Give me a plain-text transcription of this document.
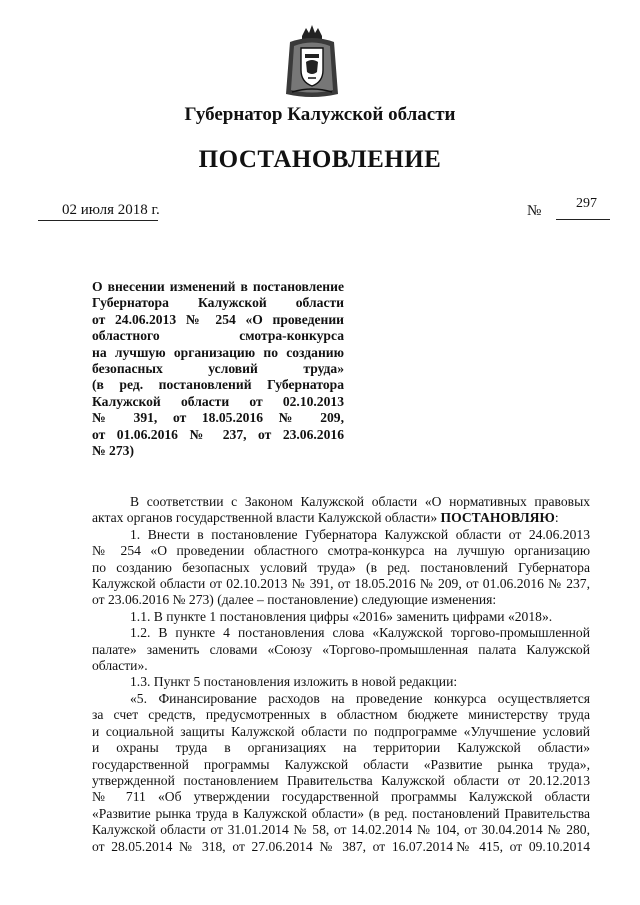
Губернатор Калужской области
ПОСТАНОВЛЕНИЕ
02 июля 2018 г.	№ 297
О внесении изменений в постановление
Губернатора Калужской области
от 24.06.2013 № 254 «О проведении
областного смотра-конкурса
на лучшую организацию по созданию
безопасных условий труда»
(в ред. постановлений Губернатора
Калужской области от 02.10.2013
№ 391, от 18.05.2016 № 209,
от 01.06.2016 № 237, от 23.06.2016
№ 273)
В соответствии с Законом Калужской области «О нормативных правовых
актах органов государственной власти Калужской области» ПОСТАНОВЛЯЮ:
1. Внести в постановление Губернатора Калужской области от 24.06.2013
№ 254 «О проведении областного смотра-конкурса на лучшую организацию
по созданию безопасных условий труда» (в ред. постановлений Губернатора
Калужской области от 02.10.2013 № 391, от 18.05.2016 № 209, от 01.06.2016 № 237,
от 23.06.2016 № 273) (далее – постановление) следующие изменения:
1.1. В пункте 1 постановления цифры «2016» заменить цифрами «2018».
1.2. В пункте 4 постановления слова «Калужской торгово-промышленной
палате» заменить словами «Союзу «Торгово-промышленная палата Калужской
области».
1.3. Пункт 5 постановления изложить в новой редакции:
«5. Финансирование расходов на проведение конкурса осуществляется
за счет средств, предусмотренных в областном бюджете министерству труда
и социальной защиты Калужской области по подпрограмме «Улучшение условий
и охраны труда в организациях на территории Калужской области»
государственной программы Калужской области «Развитие рынка труда»,
утвержденной постановлением Правительства Калужской области от 20.12.2013
№ 711 «Об утверждении государственной программы Калужской области
«Развитие рынка труда в Калужской области» (в ред. постановлений Правительства
Калужской области от 31.01.2014 № 58, от 14.02.2014 № 104, от 30.04.2014 № 280,
от 28.05.2014 № 318, от 27.06.2014 № 387, от 16.07.2014№ 415, от 09.10.2014
